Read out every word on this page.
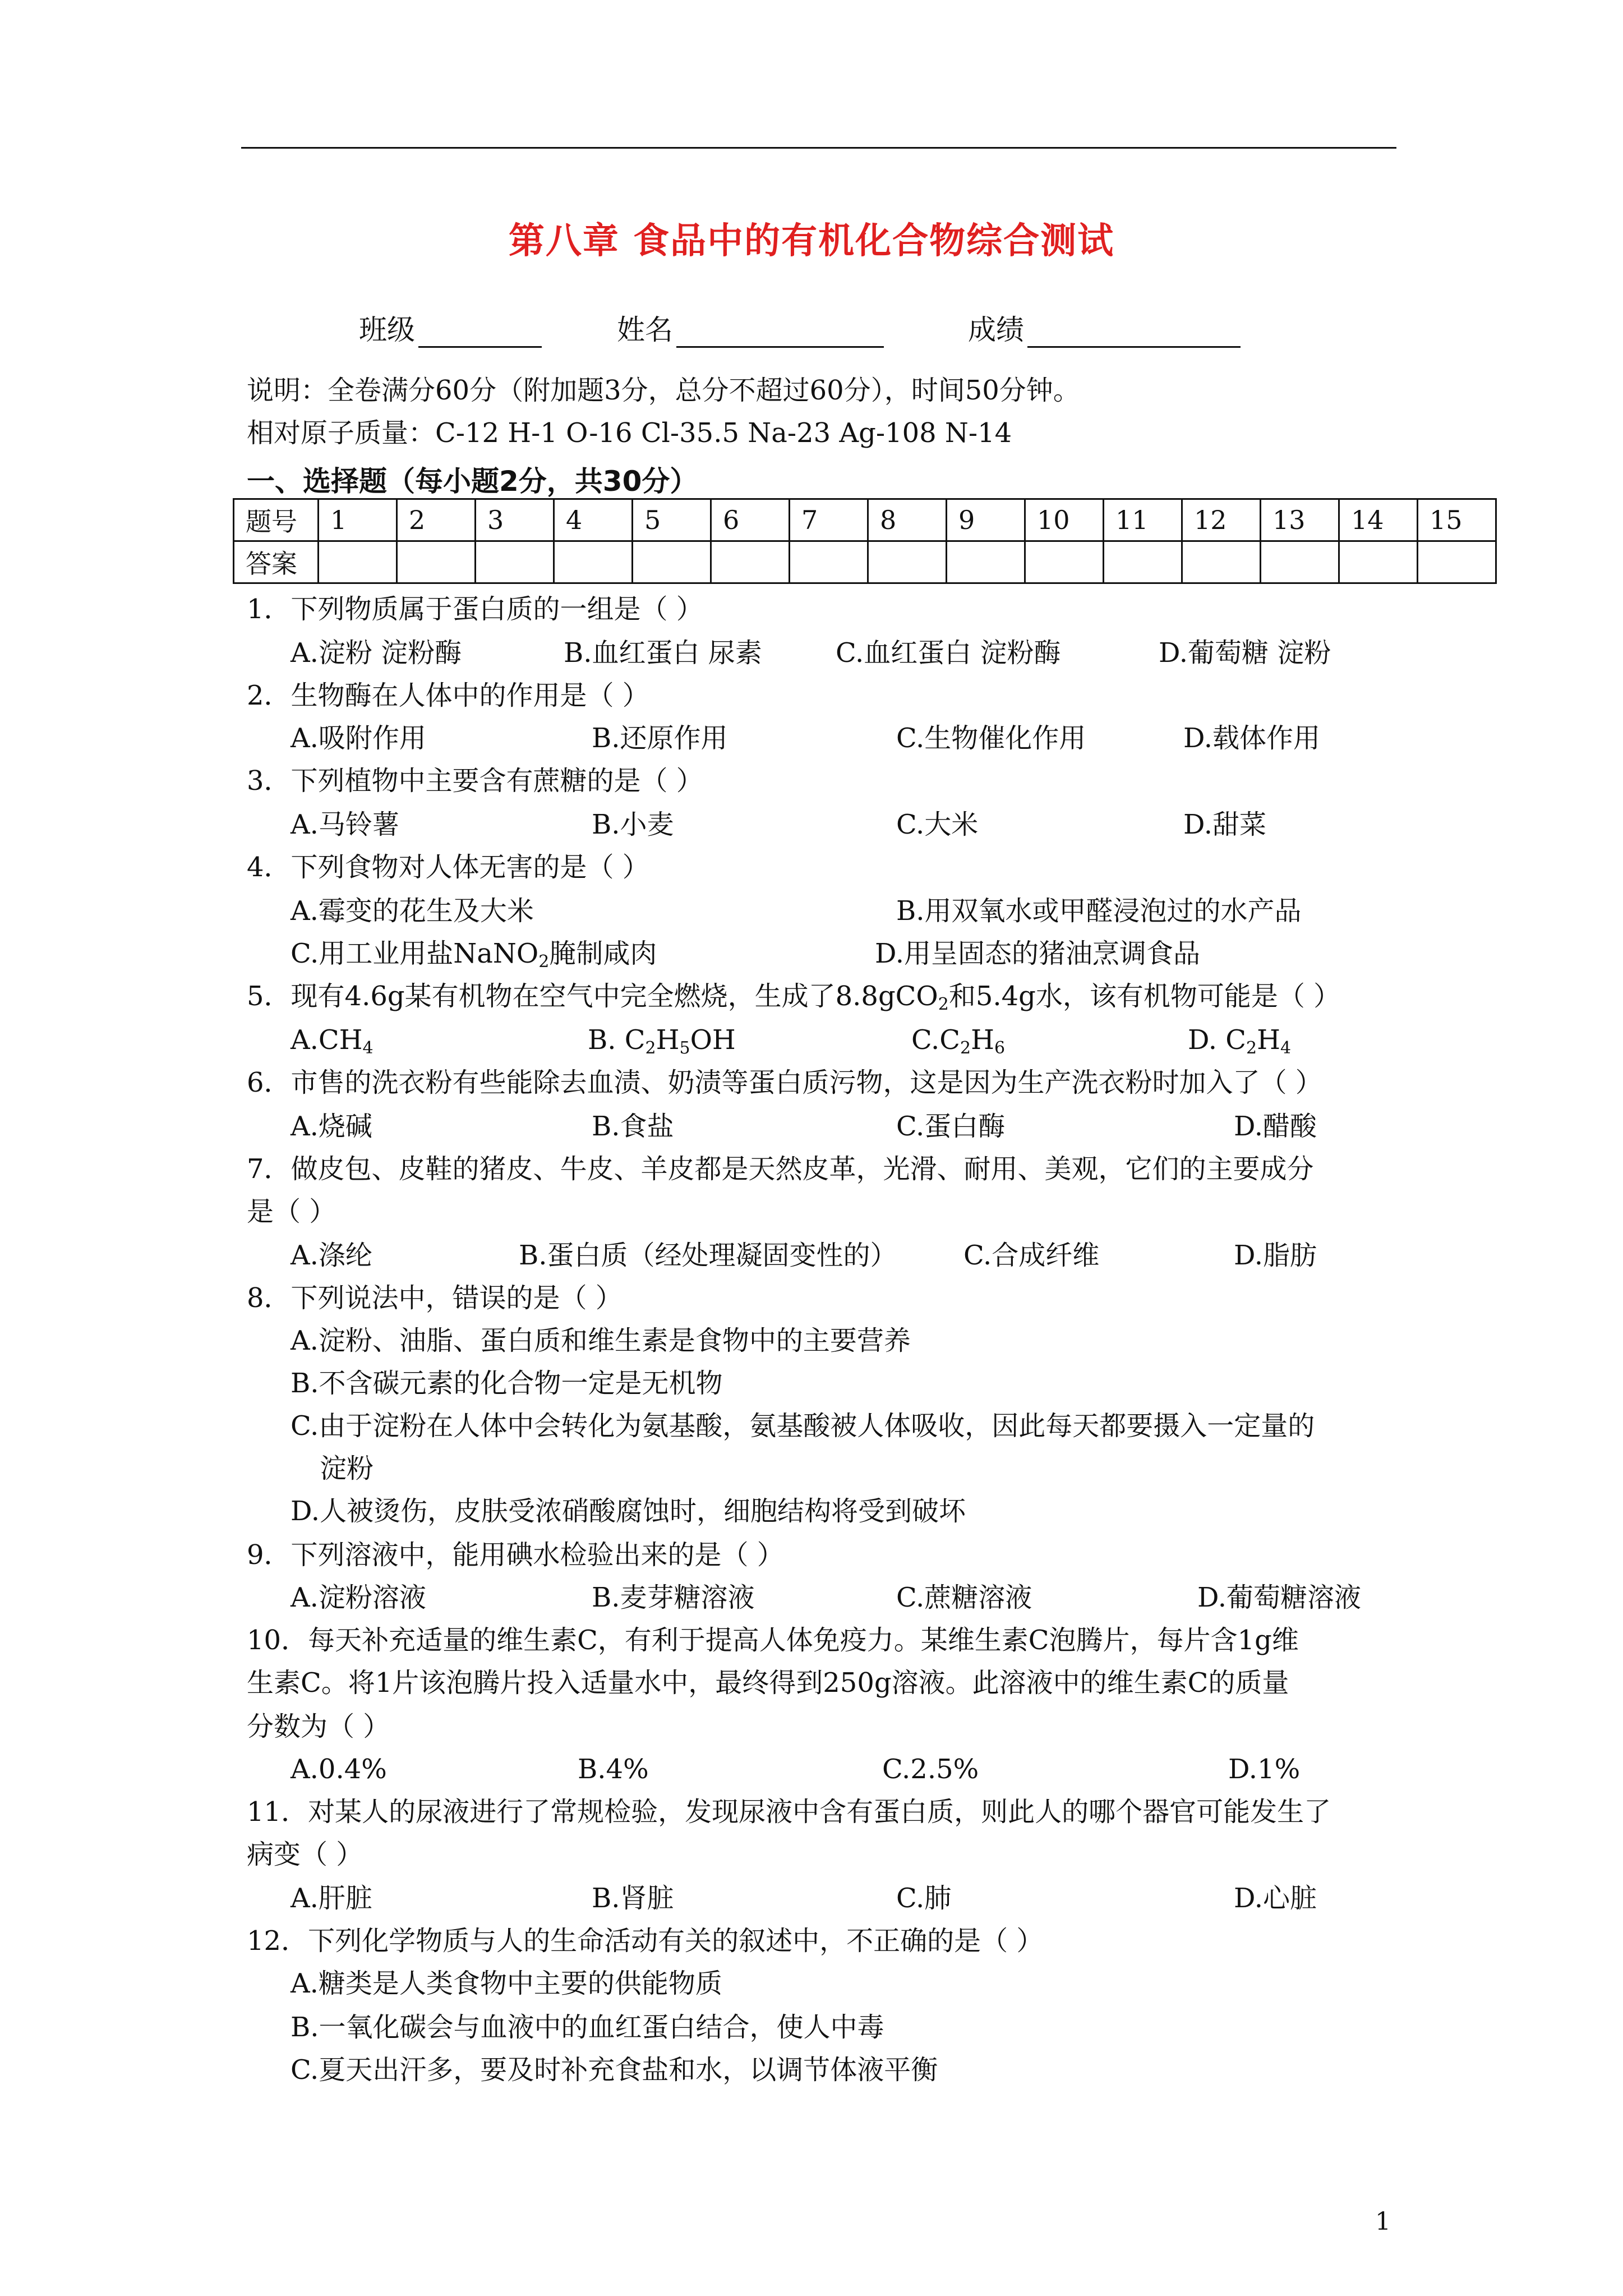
第八章 食品中的有机化合物综合测试
班级	姓名	成绩
说明：全卷满分60分（附加题3分，总分不超过60分），时间50分钟。
相对原子质量：C-12 H-1 O-16 Cl-35.5 Na-23 Ag-108 N-14
一、选择题（每小题2分，共30分）
题号	1	2	3	4	5	6	7	8	9	10	11	12	13	14	15
答案															
1．下列物质属于蛋白质的一组是（ ）
A.淀粉 淀粉酶	B.血红蛋白 尿素	C.血红蛋白 淀粉酶	D.葡萄糖 淀粉
2．生物酶在人体中的作用是（ ）
A.吸附作用	B.还原作用	C.生物催化作用	D.载体作用
3．下列植物中主要含有蔗糖的是（ ）
A.马铃薯	B.小麦	C.大米	D.甜菜
4．下列食物对人体无害的是（ ）
A.霉变的花生及大米	B.用双氧水或甲醛浸泡过的水产品
C.用工业用盐NaNO$_2$腌制咸肉	D.用呈固态的猪油烹调食品
5．现有4.6g某有机物在空气中完全燃烧，生成了8.8gCO$_2$和5.4g水，该有机物可能是（ ）
$A.CH_4$	B. $C_2H_5OH$	$C.C_2H_6$	D. $C_2H_4$
6．市售的洗衣粉有些能除去血渍、奶渍等蛋白质污物，这是因为生产洗衣粉时加入了（ ）
A.烧碱	B.食盐	C.蛋白酶	D.醋酸
7．做皮包、皮鞋的猪皮、牛皮、羊皮都是天然皮革，光滑、耐用、美观，它们的主要成分
是（ ）
A.涤纶	B.蛋白质（经处理凝固变性的） C.合成纤维	D.脂肪
8．下列说法中，错误的是（ ）
A.淀粉、油脂、蛋白质和维生素是食物中的主要营养
B.不含碳元素的化合物一定是无机物
C.由于淀粉在人体中会转化为氨基酸，氨基酸被人体吸收，因此每天都要摄入一定量的
淀粉
D.人被烫伤，皮肤受浓硝酸腐蚀时，细胞结构将受到破坏
9．下列溶液中，能用碘水检验出来的是（ ）
A.淀粉溶液	B.麦芽糖溶液	C.蔗糖溶液	D.葡萄糖溶液
10．每天补充适量的维生素C，有利于提高人体免疫力。某维生素C泡腾片，每片含1g维
生素C。将1片该泡腾片投入适量水中，最终得到250g溶液。此溶液中的维生素C的质量
分数为（ ）
A.0.4%	B.4%	C.2.5%	D.1%
11．对某人的尿液进行了常规检验，发现尿液中含有蛋白质，则此人的哪个器官可能发生了
病变（ ）
A.肝脏	B.肾脏	C.肺	D.心脏
12．下列化学物质与人的生命活动有关的叙述中，不正确的是（ ）
A.糖类是人类食物中主要的供能物质
B.一氧化碳会与血液中的血红蛋白结合，使人中毒
C.夏天出汗多，要及时补充食盐和水，以调节体液平衡
1
